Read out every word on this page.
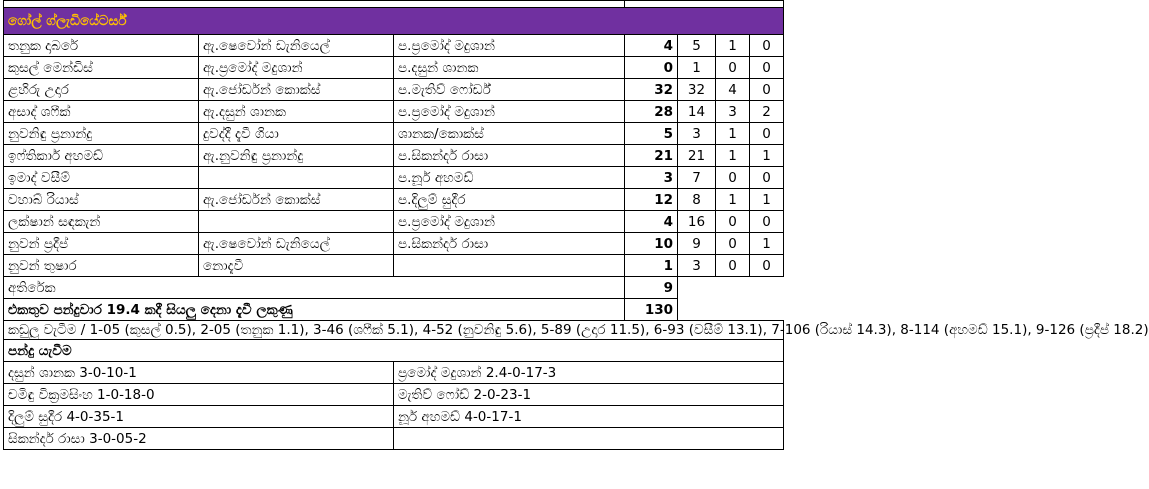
ගෝල් ග්ලැඩියේටර්ස්						
තනුක දාබරේ	ඇ.ෂෙවෝන් ඩැනියෙල්	ප.ප්‍රමෝද් මදුශාන්	4	5	1	0
කුසල් මෙන්ඩිස්	ඇ.ප්‍රමෝද් මදුශාන්	ප.දසුන් ශානක	0	1	0	0
ළහිරු උදාර	ඇ.ජෝර්ඩන් කොක්ස්	ප.මැතිව් ෆෝර්ඩ්	32	32	4	0
අසාද් ශෆීක්	ඇ.දසුන් ශානක	ප.ප්‍රමෝද් මදුශාන්	28	14	3	2
නුවනිඳු ප්‍රනාන්දු	දුවද්දී දැවී ගියා	ශානක/කොක්ස්	5	3	1	0
ඉෆ්තිකාර් අහමඩ්	ඇ.නුවනිඳු ප්‍රනාන්දු	ප.සිකන්දර් රාසා	21	21	1	1
ඉමාද් වසීම්		ප.නූර් අහමඩ්	3	7	0	0
වහාබ් රියාස්	ඇ.ජෝර්ඩන් කොක්ස්	ප.දිලුම් සුදීර	12	8	1	1
ලක්ෂාන් සඳකැන්		ප.ප්‍රමෝද් මදුශාන්	4	16	0	0
නුවන් ප්‍රදීප්	ඇ.ෂෙවෝන් ඩැනියෙල්	ප.සිකන්දර් රාසා	10	9	0	1
නුවන් තුෂාර	නොදැවී		1	3	0	0
අතිරේක			9			
එකතුව පන්දුවාර 19.4 කදී සියලු දෙනා දැවී ලකුණු			130			
කඩුලු වැටීම / 1-05 (කුසල් 0.5), 2-05 (තනුක 1.1), 3-46 (ශෆීක් 5.1), 4-52 (නුවනිඳු 5.6), 5-89 (උදාර 11.5), 6-93 (වසීම් 13.1), 7-106 (රියාස් 14.3), 8-114 (අහමඩ් 15.1), 9-126 (ප්‍රදීප් 18.2)						
පන්දු යැවීම						
දසුන් ශානක 3-0-10-1		ප්‍රමෝද් මදුශාන් 2.4-0-17-3				
චමිඳු වික්‍රමසිංහ 1-0-18-0		මැතිව් ෆෝඩ් 2-0-23-1				
දිලුම් සුදීර 4-0-35-1		නූර් අහමඩ් 4-0-17-1				
සිකන්දර් රාසා 3-0-05-2						
